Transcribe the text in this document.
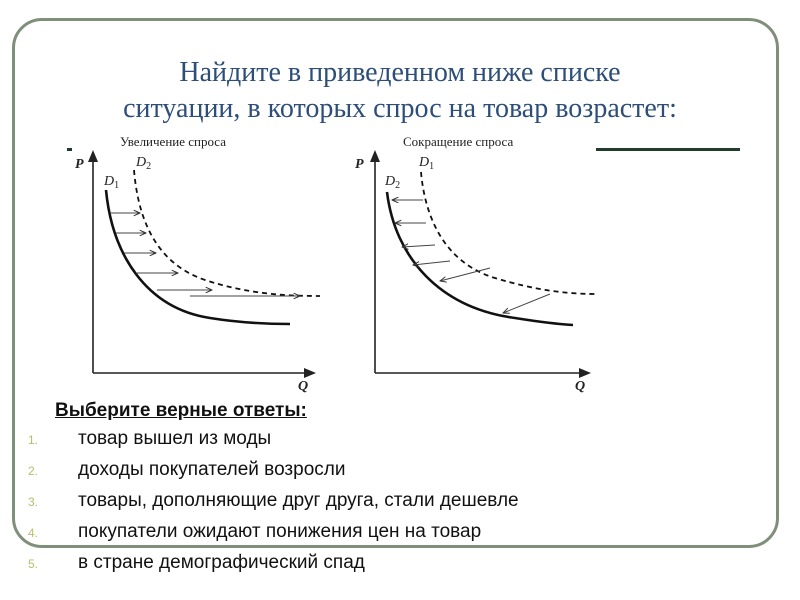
Найдите в приведенном ниже списке
ситуации, в которых спрос на товар возрастет:
Увеличение спроса
P
Q
$D_1$
$D_2$
Сокращение спроса
P
Q
$D_2$
$D_1$
Выберите верные ответы:
1.	товар вышел из моды
2.	доходы покупателей возросли
3.	товары, дополняющие друг друга, стали дешевле
4.	покупатели ожидают понижения цен на товар
5.	в стране демографический спад
